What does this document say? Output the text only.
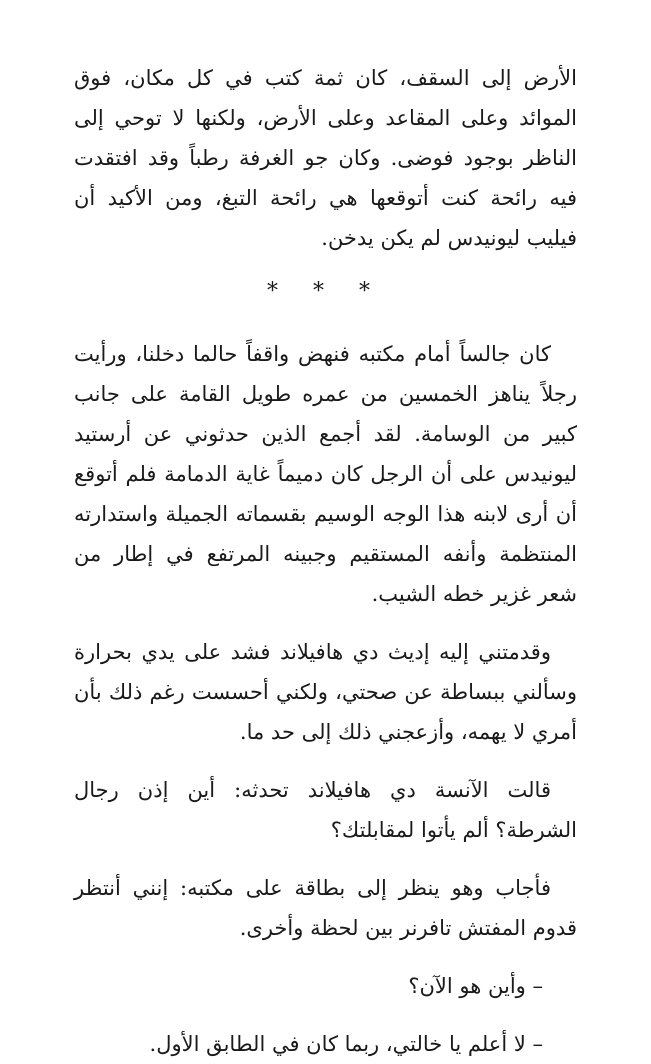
الأرض إلى السقف، كان ثمة كتب في كل مكان، فوق الموائد وعلى المقاعد وعلى الأرض، ولكنها لا توحي إلى الناظر بوجود فوضى. وكان جو الغرفة رطباً وقد افتقدت فيه رائحة كنت أتوقعها هي رائحة التبغ، ومن الأكيد أن فيليب ليونيدس لم يكن يدخن.

* * *

كان جالساً أمام مكتبه فنهض واقفاً حالما دخلنا، ورأيت رجلاً يناهز الخمسين من عمره طويل القامة على جانب كبير من الوسامة. لقد أجمع الذين حدثوني عن أرستيد ليونيدس على أن الرجل كان دميماً غاية الدمامة فلم أتوقع أن أرى لابنه هذا الوجه الوسيم بقسماته الجميلة واستدارته المنتظمة وأنفه المستقيم وجبينه المرتفع في إطار من شعر غزير خطه الشيب.

وقدمتني إليه إديث دي هافيلاند فشد على يدي بحرارة وسألني ببساطة عن صحتي، ولكني أحسست رغم ذلك بأن أمري لا يهمه، وأزعجني ذلك إلى حد ما.

قالت الآنسة دي هافيلاند تحدثه: أين إذن رجال الشرطة؟ ألم يأتوا لمقابلتك؟

فأجاب وهو ينظر إلى بطاقة على مكتبه: إنني أنتظر قدوم المفتش تافرنر بين لحظة وأخرى.

– وأين هو الآن؟

– لا أعلم يا خالتي، ربما كان في الطابق الأول.
